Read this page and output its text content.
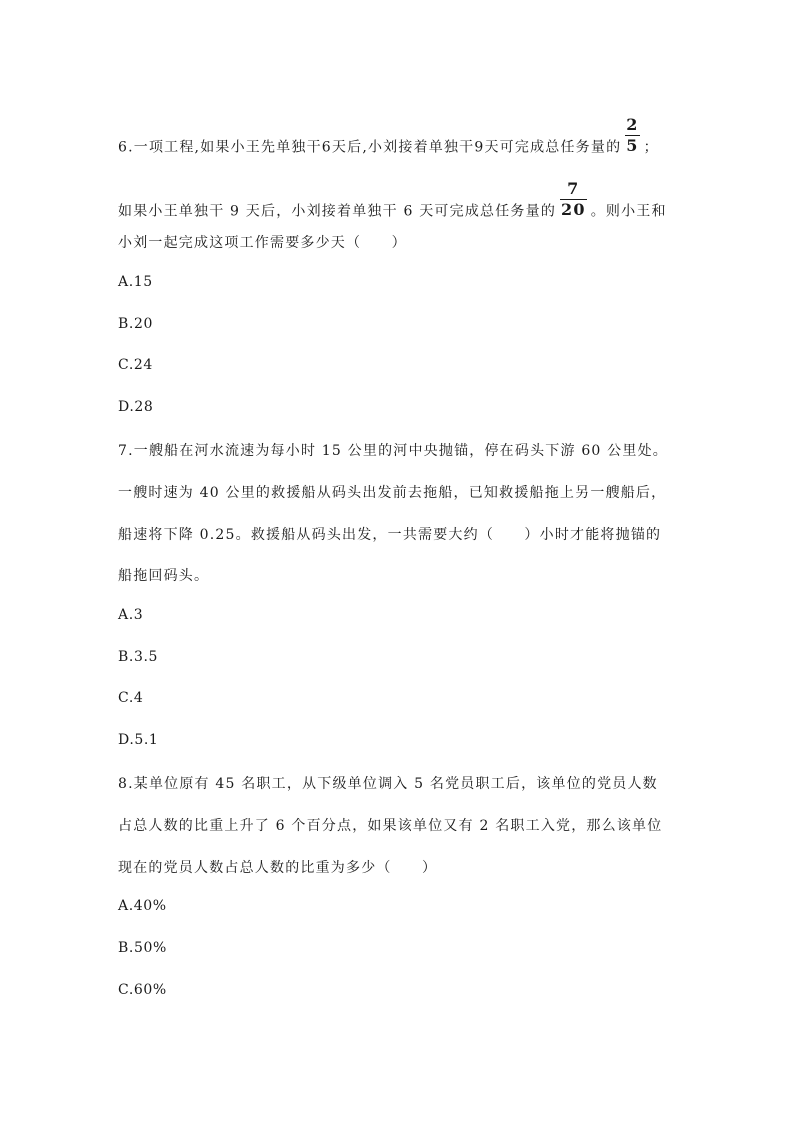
6.一项工程,如果小王先单独干6天后,小刘接着单独干9天可完成总任务量的 $\frac{2}{5}$ ；
如果小王单独干 9 天后，小刘接着单独干 6 天可完成总任务量的 $\frac{7}{20}$ 。则小王和
小刘一起完成这项工作需要多少天（　　）
A.15
B.20
C.24
D.28
7.一艘船在河水流速为每小时 15 公里的河中央抛锚，停在码头下游 60 公里处。
一艘时速为 40 公里的救援船从码头出发前去拖船，已知救援船拖上另一艘船后，
船速将下降 0.25。救援船从码头出发，一共需要大约（　　）小时才能将抛锚的
船拖回码头。
A.3
B.3.5
C.4
D.5.1
8.某单位原有 45 名职工，从下级单位调入 5 名党员职工后，该单位的党员人数
占总人数的比重上升了 6 个百分点，如果该单位又有 2 名职工入党，那么该单位
现在的党员人数占总人数的比重为多少（　　）
A.40%
B.50%
C.60%
